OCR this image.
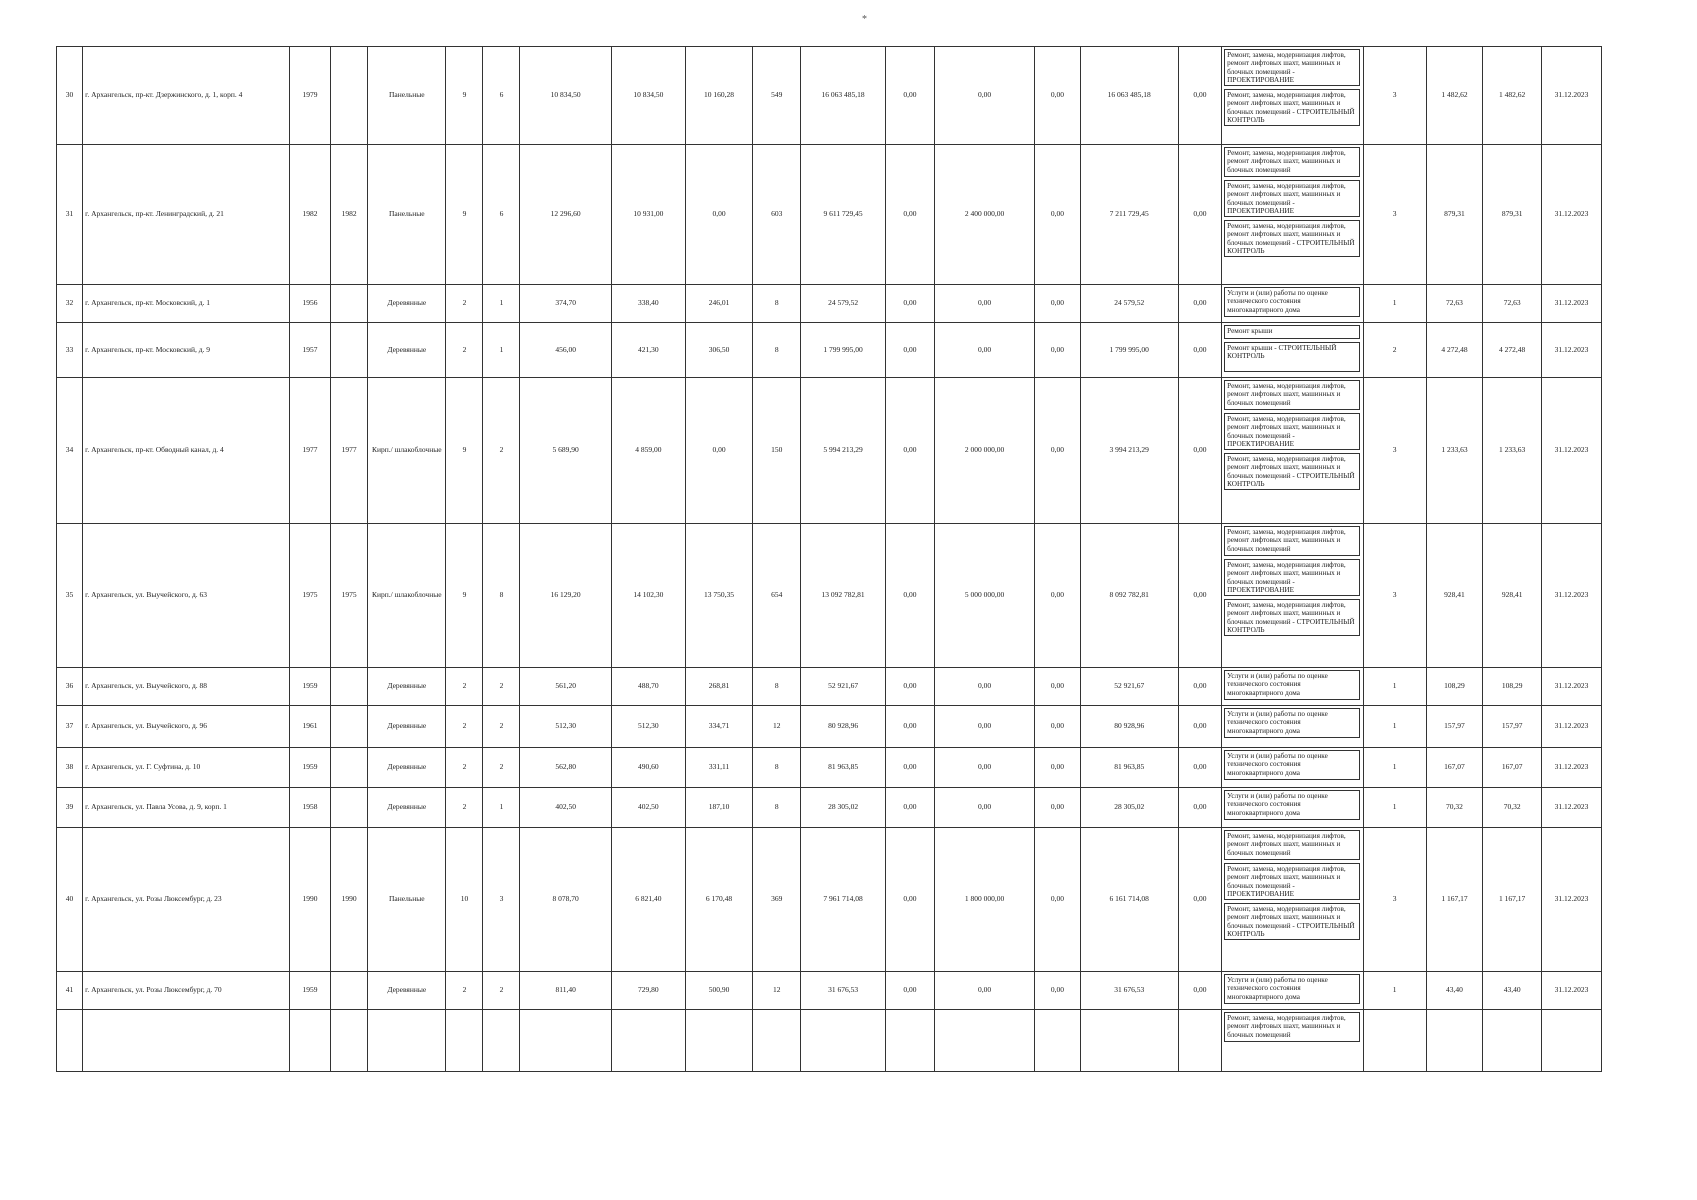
*
30	г. Архангельск, пр-кт. Дзержинского, д. 1, корп. 4	1979		Панельные	9	6	10 834,50	10 834,50	10 160,28	549	16 063 485,18	0,00	0,00	0,00	16 063 485,18	0,00	Ремонт, замена, модернизация лифтов, ремонт лифтовых шахт, машинных и блочных помещений - ПРОЕКТИРОВАНИЕ
Ремонт, замена, модернизация лифтов, ремонт лифтовых шахт, машинных и блочных помещений - СТРОИТЕЛЬНЫЙ КОНТРОЛЬ	3	1 482,62	1 482,62	31.12.2023
31	г. Архангельск, пр-кт. Ленинградский, д. 21	1982	1982	Панельные	9	6	12 296,60	10 931,00	0,00	603	9 611 729,45	0,00	2 400 000,00	0,00	7 211 729,45	0,00	Ремонт, замена, модернизация лифтов, ремонт лифтовых шахт, машинных и блочных помещений
Ремонт, замена, модернизация лифтов, ремонт лифтовых шахт, машинных и блочных помещений - ПРОЕКТИРОВАНИЕ
Ремонт, замена, модернизация лифтов, ремонт лифтовых шахт, машинных и блочных помещений - СТРОИТЕЛЬНЫЙ КОНТРОЛЬ	3	879,31	879,31	31.12.2023
32	г. Архангельск, пр-кт. Московский, д. 1	1956		Деревянные	2	1	374,70	338,40	246,01	8	24 579,52	0,00	0,00	0,00	24 579,52	0,00	Услуги и (или) работы по оценке технического состояния многоквартирного дома	1	72,63	72,63	31.12.2023
33	г. Архангельск, пр-кт. Московский, д. 9	1957		Деревянные	2	1	456,00	421,30	306,50	8	1 799 995,00	0,00	0,00	0,00	1 799 995,00	0,00	Ремонт крыши
Ремонт крыши - СТРОИТЕЛЬНЫЙ КОНТРОЛЬ	2	4 272,48	4 272,48	31.12.2023
34	г. Архангельск, пр-кт. Обводный канал, д. 4	1977	1977	Кирп./ шлакоблочные	9	2	5 689,90	4 859,00	0,00	150	5 994 213,29	0,00	2 000 000,00	0,00	3 994 213,29	0,00	Ремонт, замена, модернизация лифтов, ремонт лифтовых шахт, машинных и блочных помещений
Ремонт, замена, модернизация лифтов, ремонт лифтовых шахт, машинных и блочных помещений - ПРОЕКТИРОВАНИЕ
Ремонт, замена, модернизация лифтов, ремонт лифтовых шахт, машинных и блочных помещений - СТРОИТЕЛЬНЫЙ КОНТРОЛЬ	3	1 233,63	1 233,63	31.12.2023
35	г. Архангельск, ул. Выучейского, д. 63	1975	1975	Кирп./ шлакоблочные	9	8	16 129,20	14 102,30	13 750,35	654	13 092 782,81	0,00	5 000 000,00	0,00	8 092 782,81	0,00	Ремонт, замена, модернизация лифтов, ремонт лифтовых шахт, машинных и блочных помещений
Ремонт, замена, модернизация лифтов, ремонт лифтовых шахт, машинных и блочных помещений - ПРОЕКТИРОВАНИЕ
Ремонт, замена, модернизация лифтов, ремонт лифтовых шахт, машинных и блочных помещений - СТРОИТЕЛЬНЫЙ КОНТРОЛЬ	3	928,41	928,41	31.12.2023
36	г. Архангельск, ул. Выучейского, д. 88	1959		Деревянные	2	2	561,20	488,70	268,81	8	52 921,67	0,00	0,00	0,00	52 921,67	0,00	Услуги и (или) работы по оценке технического состояния многоквартирного дома	1	108,29	108,29	31.12.2023
37	г. Архангельск, ул. Выучейского, д. 96	1961		Деревянные	2	2	512,30	512,30	334,71	12	80 928,96	0,00	0,00	0,00	80 928,96	0,00	Услуги и (или) работы по оценке технического состояния многоквартирного дома	1	157,97	157,97	31.12.2023
38	г. Архангельск, ул. Г. Суфтина, д. 10	1959		Деревянные	2	2	562,80	490,60	331,11	8	81 963,85	0,00	0,00	0,00	81 963,85	0,00	Услуги и (или) работы по оценке технического состояния многоквартирного дома	1	167,07	167,07	31.12.2023
39	г. Архангельск, ул. Павла Усова, д. 9, корп. 1	1958		Деревянные	2	1	402,50	402,50	187,10	8	28 305,02	0,00	0,00	0,00	28 305,02	0,00	Услуги и (или) работы по оценке технического состояния многоквартирного дома	1	70,32	70,32	31.12.2023
40	г. Архангельск, ул. Розы Люксембург, д. 23	1990	1990	Панельные	10	3	8 078,70	6 821,40	6 170,48	369	7 961 714,08	0,00	1 800 000,00	0,00	6 161 714,08	0,00	Ремонт, замена, модернизация лифтов, ремонт лифтовых шахт, машинных и блочных помещений
Ремонт, замена, модернизация лифтов, ремонт лифтовых шахт, машинных и блочных помещений - ПРОЕКТИРОВАНИЕ
Ремонт, замена, модернизация лифтов, ремонт лифтовых шахт, машинных и блочных помещений - СТРОИТЕЛЬНЫЙ КОНТРОЛЬ	3	1 167,17	1 167,17	31.12.2023
41	г. Архангельск, ул. Розы Люксембург, д. 70	1959		Деревянные	2	2	811,40	729,80	500,90	12	31 676,53	0,00	0,00	0,00	31 676,53	0,00	Услуги и (или) работы по оценке технического состояния многоквартирного дома	1	43,40	43,40	31.12.2023

																	Ремонт, замена, модернизация лифтов, ремонт лифтовых шахт, машинных и блочных помещений				
